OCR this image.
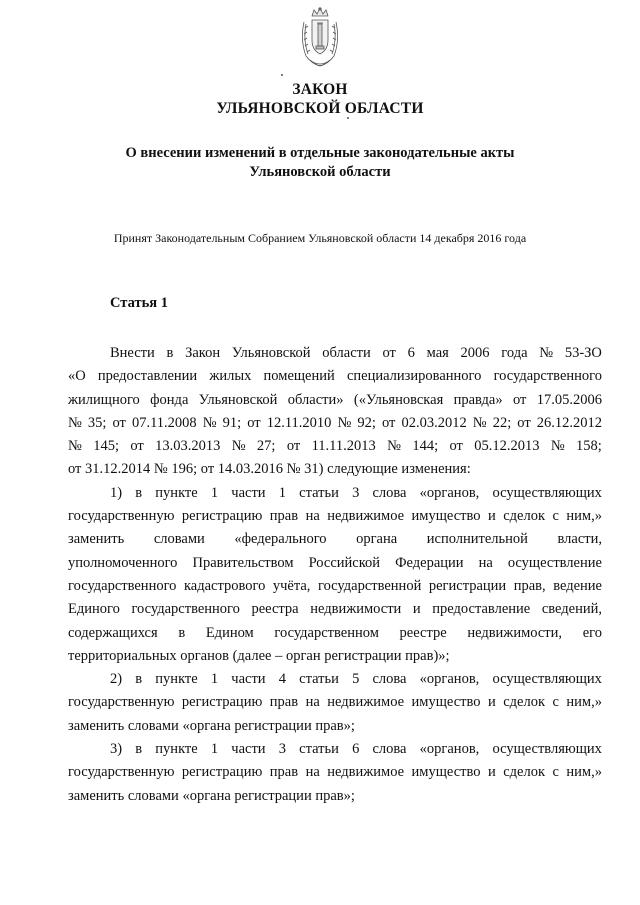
ЗАКОН
УЛЬЯНОВСКОЙ ОБЛАСТИ
О внесении изменений в отдельные законодательные акты
Ульяновской области
Принят Законодательным Собранием Ульяновской области 14 декабря 2016 года
Статья 1
Внести в Закон Ульяновской области от 6 мая 2006 года № 53-ЗО
«О предоставлении жилых помещений специализированного государственного
жилищного фонда Ульяновской области» («Ульяновская правда» от 17.05.2006
№ 35; от 07.11.2008 № 91; от 12.11.2010 № 92; от 02.03.2012 № 22; от 26.12.2012
№ 145; от 13.03.2013 № 27; от 11.11.2013 № 144; от 05.12.2013 № 158;
от 31.12.2014 № 196; от 14.03.2016 № 31) следующие изменения:
1) в пункте 1 части 1 статьи 3 слова «органов, осуществляющих
государственную регистрацию прав на недвижимое имущество и сделок с ним,»
заменить словами «федерального органа исполнительной власти,
уполномоченного Правительством Российской Федерации на осуществление
государственного кадастрового учёта, государственной регистрации прав, ведение
Единого государственного реестра недвижимости и предоставление сведений,
содержащихся в Едином государственном реестре недвижимости, его
территориальных органов (далее – орган регистрации прав)»;
2) в пункте 1 части 4 статьи 5 слова «органов, осуществляющих
государственную регистрацию прав на недвижимое имущество и сделок с ним,»
заменить словами «органа регистрации прав»;
3) в пункте 1 части 3 статьи 6 слова «органов, осуществляющих
государственную регистрацию прав на недвижимое имущество и сделок с ним,»
заменить словами «органа регистрации прав»;
